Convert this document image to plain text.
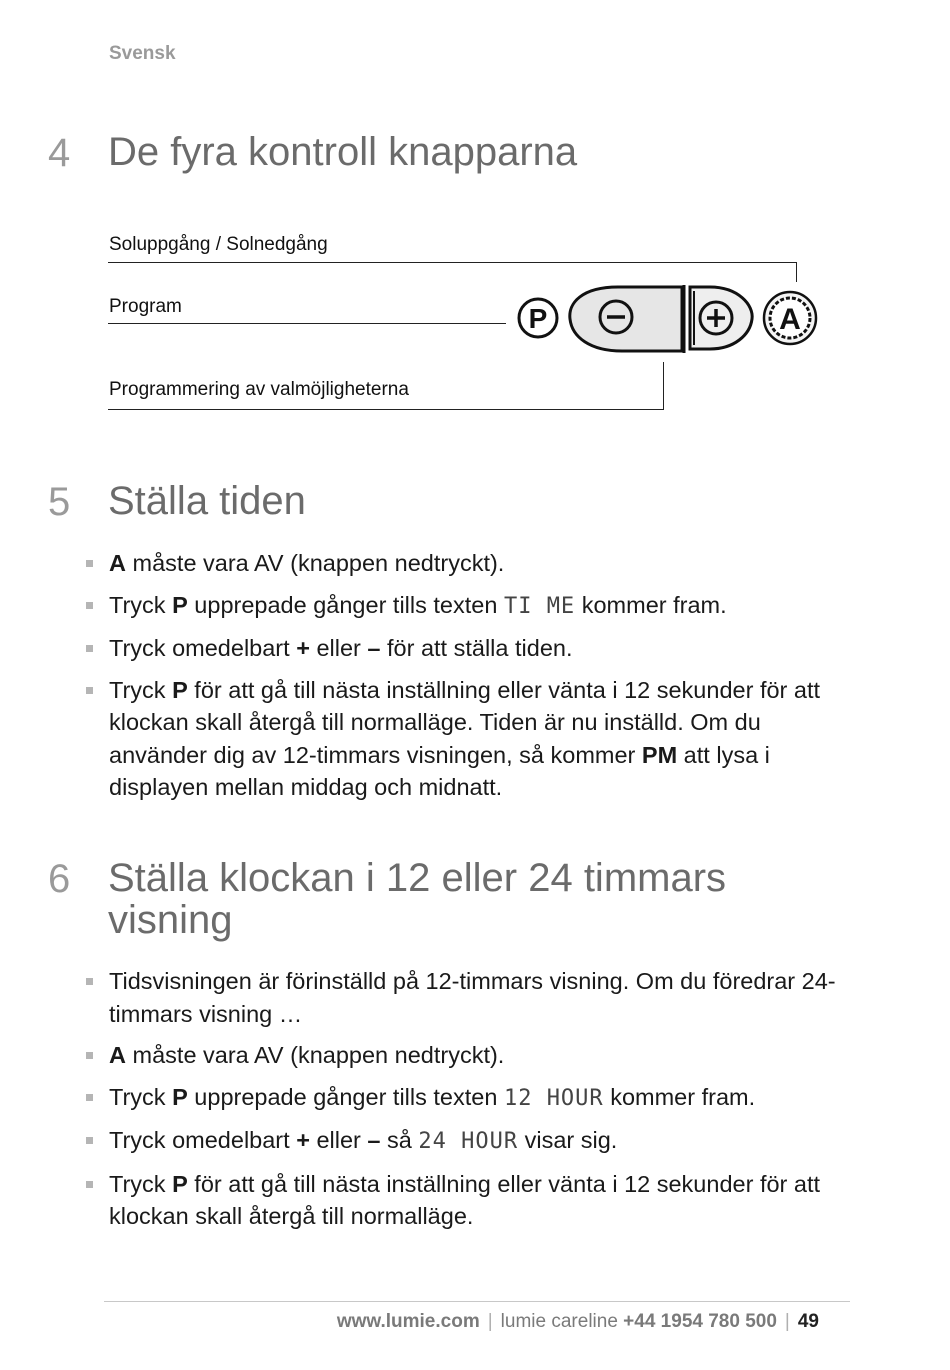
Svensk
4 De fyra kontroll knapparna
Soluppgång / Solnedgång
Program
Programmering av valmöjligheterna
P	A
5 Ställa tiden
A måste vara AV (knappen nedtryckt).
Tryck P upprepade gånger tills texten TI ME kommer fram.
Tryck omedelbart + eller – för att ställa tiden.
Tryck P för att gå till nästa inställning eller vänta i 12 sekunder för att klockan skall återgå till normalläge. Tiden är nu inställd. Om du använder dig av 12-timmars visningen, så kommer PM att lysa i displayen mellan middag och midnatt.
6 Ställa klockan i 12 eller 24 timmars
visning
Tidsvisningen är förinställd på 12-timmars visning. Om du föredrar 24-timmars visning …
A måste vara AV (knappen nedtryckt).
Tryck P upprepade gånger tills texten 12 HOUR kommer fram.
Tryck omedelbart + eller – så 24 HOUR visar sig.
Tryck P för att gå till nästa inställning eller vänta i 12 sekunder för att klockan skall återgå till normalläge.
www.lumie.com | lumie careline +44 1954 780 500 | 49
